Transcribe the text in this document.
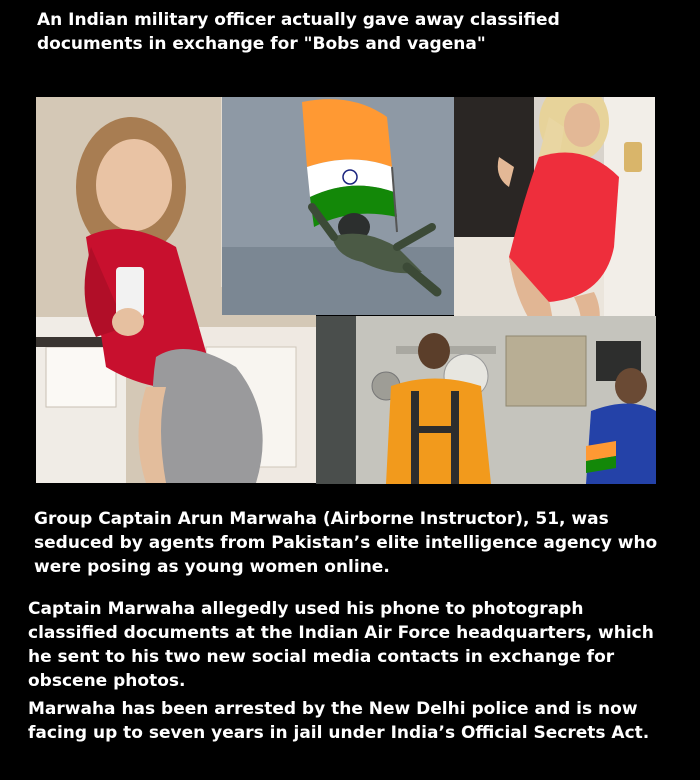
An Indian military officer actually gave away classified documents in exchange for "Bobs and vagena"
Group Captain Arun Marwaha (Airborne Instructor), 51, was seduced by agents from Pakistan’s elite intelligence agency who were posing as young women online.
Captain Marwaha allegedly used his phone to photograph classified documents at the Indian Air Force headquarters, which he sent to his two new social media contacts in exchange for obscene photos.
Marwaha has been arrested by the New Delhi police and is now facing up to seven years in jail under India’s Official Secrets Act.
